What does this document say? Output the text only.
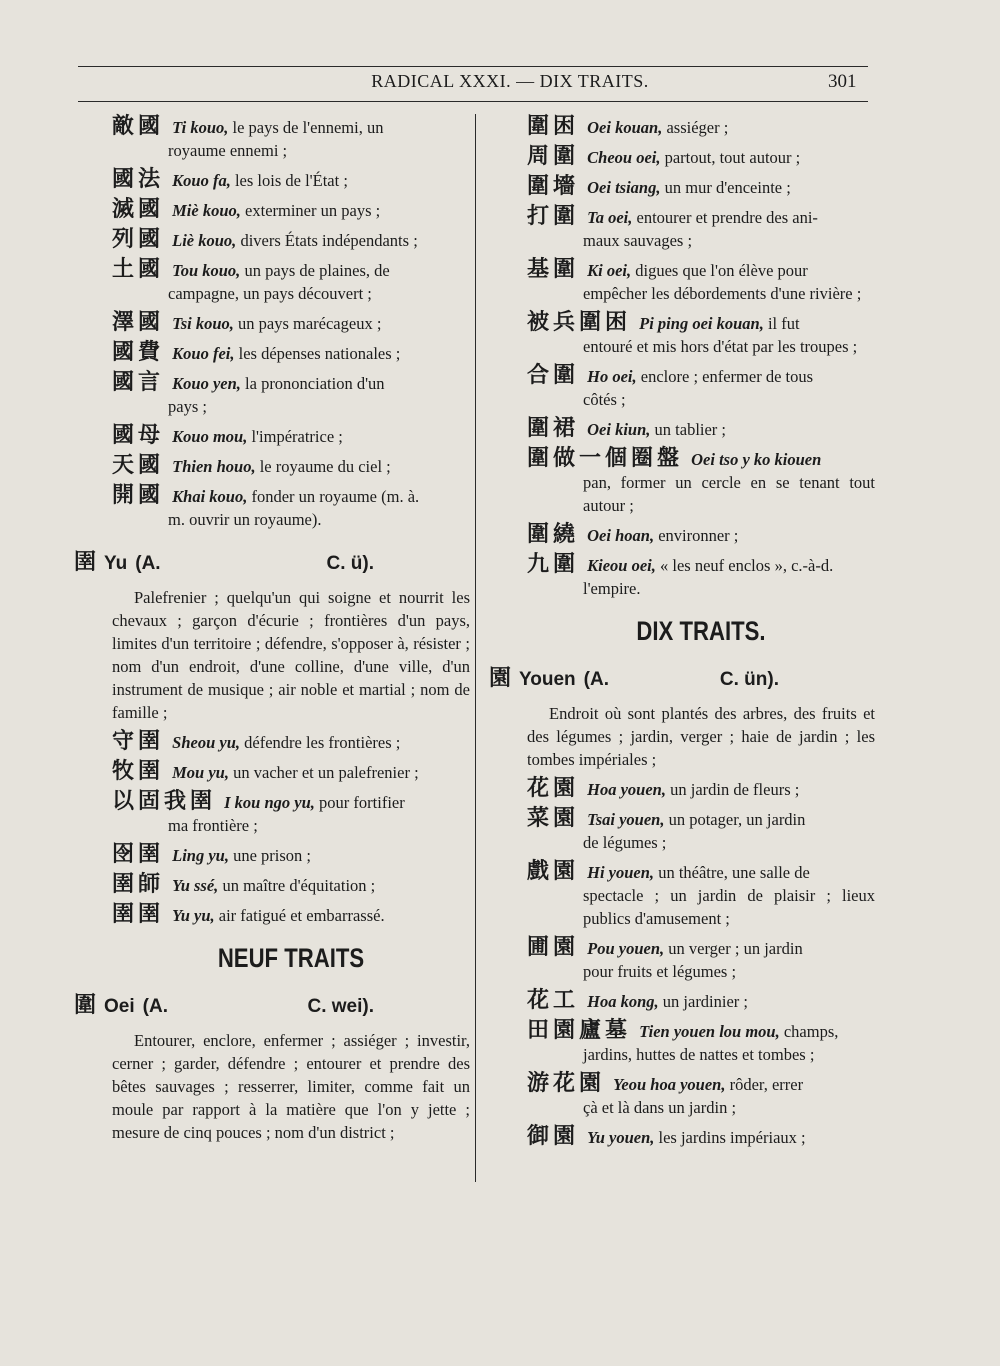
RADICAL XXXI. — DIX TRAITS.	301
敵國 Ti kouo, le pays de l'ennemi, un
royaume ennemi ;
國法 Kouo fa, les lois de l'État ;
滅國 Miè kouo, exterminer un pays ;
列國 Liè kouo, divers États indépendants ;
土國 Tou kouo, un pays de plaines, de
campagne, un pays découvert ;
澤國 Tsi kouo, un pays marécageux ;
國費 Kouo fei, les dépenses nationales ;
國言 Kouo yen, la prononciation d'un
pays ;
國母 Kouo mou, l'impératrice ;
天國 Thien houo, le royaume du ciel ;
開國 Khai kouo, fonder un royaume (m. à.
m. ouvrir un royaume).
圉 Yu (A.	C. ü).
Palefrenier ; quelqu'un qui soigne et nourrit les chevaux ; garçon d'écurie ; frontières d'un pays, limites d'un territoire ; défendre, s'opposer à, résister ; nom d'un endroit, d'une colline, d'une ville, d'un instrument de musique ; air noble et martial ; nom de famille ;
守圉 Sheou yu, défendre les frontières ;
牧圉 Mou yu, un vacher et un palefrenier ;
以固我圉 I kou ngo yu, pour fortifier
ma frontière ;
囹圉 Ling yu, une prison ;
圉師 Yu ssé, un maître d'équitation ;
圉圉 Yu yu, air fatigué et embarrassé.
NEUF TRAITS
圍 Oei (A.	C. wei).
Entourer, enclore, enfermer ; assiéger ; investir, cerner ; garder, défendre ; entourer et prendre des bêtes sauvages ; resserrer, limiter, comme fait un moule par rapport à la matière que l'on y jette ; mesure de cinq pouces ; nom d'un district ;
圍困 Oei kouan, assiéger ;
周圍 Cheou oei, partout, tout autour ;
圍墻 Oei tsiang, un mur d'enceinte ;
打圍 Ta oei, entourer et prendre des ani-
maux sauvages ;
基圍 Ki oei, digues que l'on élève pour
empêcher les débordements d'une rivière ;
被兵圍困 Pi ping oei kouan, il fut
entouré et mis hors d'état par les troupes ;
合圍 Ho oei, enclore ; enfermer de tous
côtés ;
圍裙 Oei kiun, un tablier ;
圍做一個圈盤 Oei tso y ko kiouen
pan, former un cercle en se tenant tout autour ;
圍繞 Oei hoan, environner ;
九圍 Kieou oei, « les neuf enclos », c.-à-d.
l'empire.
DIX TRAITS.
園 Youen (A.	C. ün).
Endroit où sont plantés des arbres, des fruits et des légumes ; jardin, verger ; haie de jardin ; les tombes impériales ;
花園 Hoa youen, un jardin de fleurs ;
菜園 Tsai youen, un potager, un jardin
de légumes ;
戲園 Hi youen, un théâtre, une salle de
spectacle ; un jardin de plaisir ; lieux publics d'amusement ;
圃園 Pou youen, un verger ; un jardin
pour fruits et légumes ;
花工 Hoa kong, un jardinier ;
田園廬墓 Tien youen lou mou, champs,
jardins, huttes de nattes et tombes ;
游花園 Yeou hoa youen, rôder, errer
çà et là dans un jardin ;
御園 Yu youen, les jardins impériaux ;
